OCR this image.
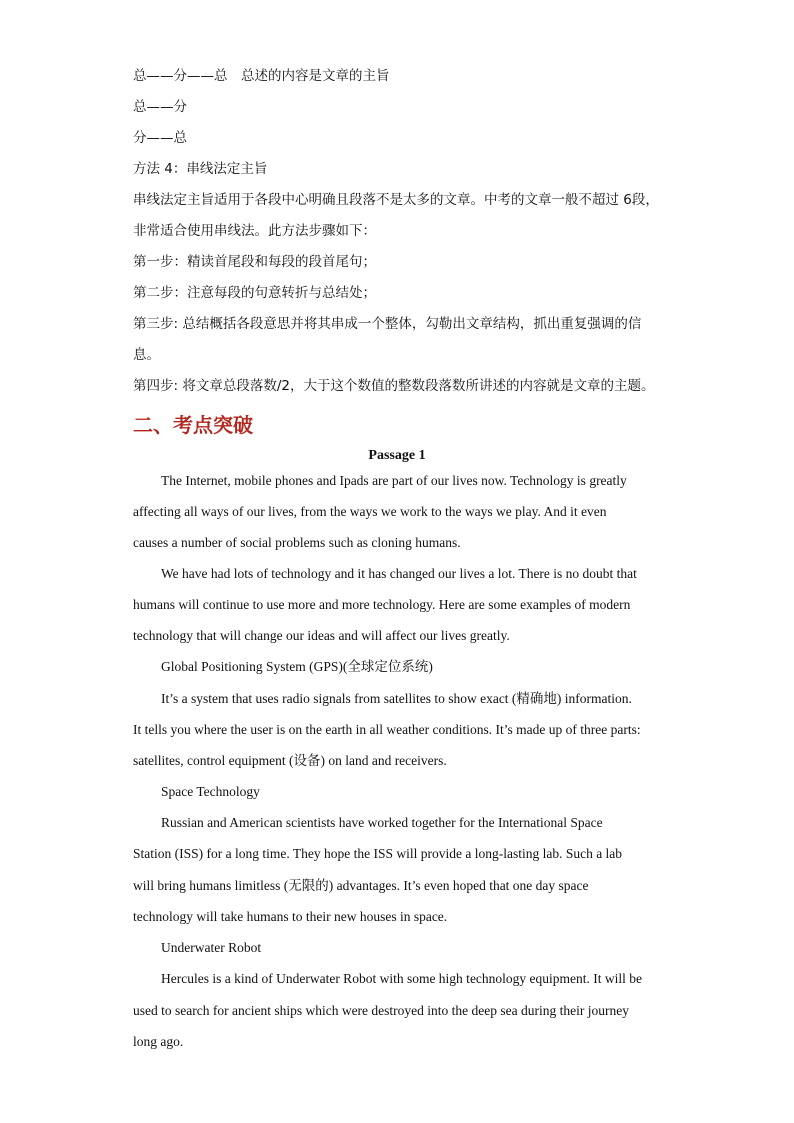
总——分——总　总述的内容是文章的主旨
总——分
分——总
方法 4：串线法定主旨
串线法定主旨适用于各段中心明确且段落不是太多的文章。中考的文章一般不超过 6段，
非常适合使用串线法。此方法步骤如下：
第一步：精读首尾段和每段的段首尾句；
第二步：注意每段的句意转折与总结处；
第三步: 总结概括各段意思并将其串成一个整体，勾勒出文章结构，抓出重复强调的信
息。
第四步: 将文章总段落数/2，大于这个数值的整数段落数所讲述的内容就是文章的主题。
二、考点突破
Passage 1
The Internet, mobile phones and Ipads are part of our lives now. Technology is greatly
affecting all ways of our lives, from the ways we work to the ways we play. And it even
causes a number of social problems such as cloning humans.
We have had lots of technology and it has changed our lives a lot. There is no doubt that
humans will continue to use more and more technology. Here are some examples of modern
technology that will change our ideas and will affect our lives greatly.
Global Positioning System (GPS)(全球定位系统)
It’s a system that uses radio signals from satellites to show exact (精确地) information.
It tells you where the user is on the earth in all weather conditions. It’s made up of three parts:
satellites, control equipment (设备) on land and receivers.
Space Technology
Russian and American scientists have worked together for the International Space
Station (ISS) for a long time. They hope the ISS will provide a long-lasting lab. Such a lab
will bring humans limitless (无限的) advantages. It’s even hoped that one day space
technology will take humans to their new houses in space.
Underwater Robot
Hercules is a kind of Underwater Robot with some high technology equipment. It will be
used to search for ancient ships which were destroyed into the deep sea during their journey
long ago.
